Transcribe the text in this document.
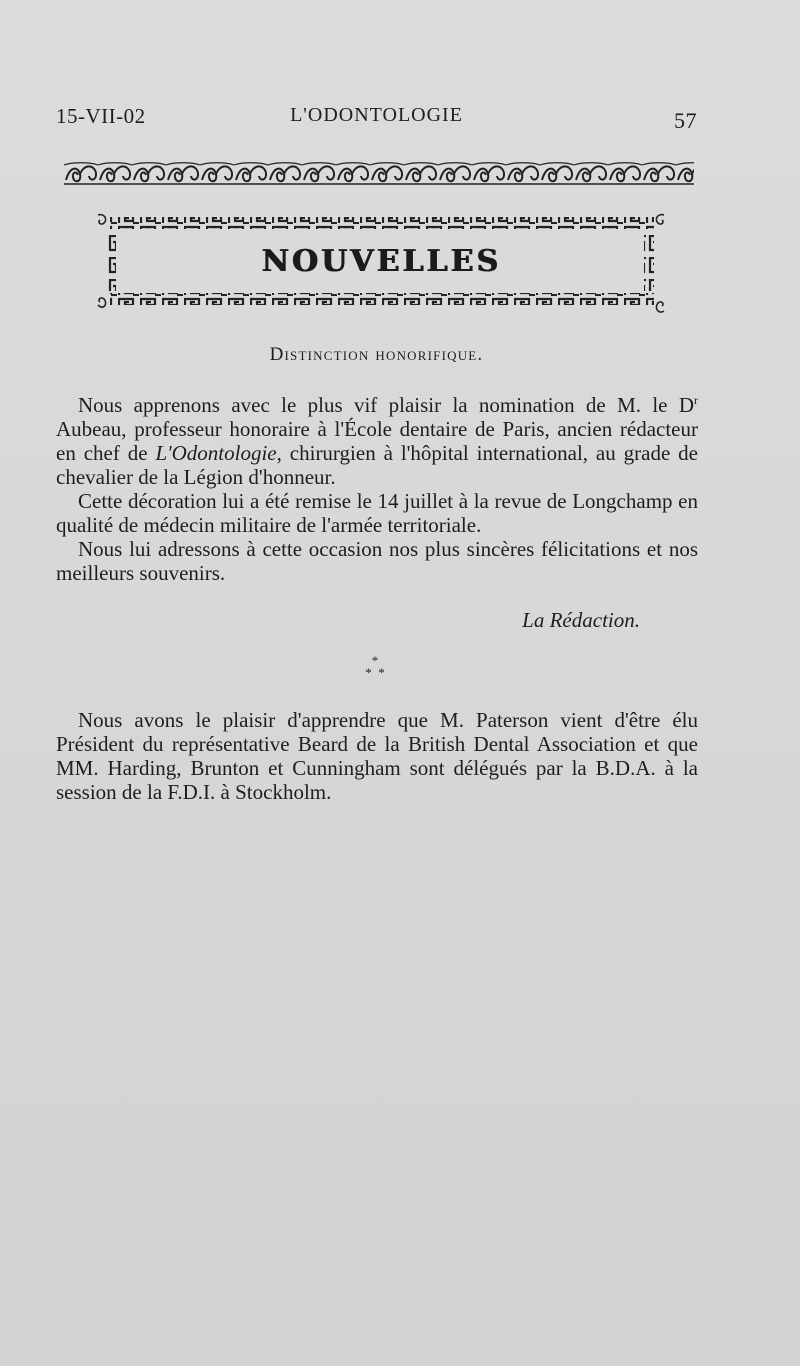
15-VII-02	L'ODONTOLOGIE	57
NOUVELLES
Distinction honorifique.

Nous apprenons avec le plus vif plaisir la nomination de M. le $D^r$ Aubeau, professeur honoraire à l'École dentaire de Paris, ancien rédacteur en chef de L'Odontologie, chirurgien à l'hôpital international, au grade de chevalier de la Légion d'honneur.

Cette décoration lui a été remise le 14 juillet à la revue de Longchamp en qualité de médecin militaire de l'armée territoriale.

Nous lui adressons à cette occasion nos plus sincères félicitations et nos meilleurs souvenirs.

La Rédaction.
*
*  *

Nous avons le plaisir d'apprendre que M. Paterson vient d'être élu Président du représentative Beard de la British Dental Association et que MM. Harding, Brunton et Cunningham sont délégués par la B.D.A. à la session de la F.D.I. à Stockholm.
